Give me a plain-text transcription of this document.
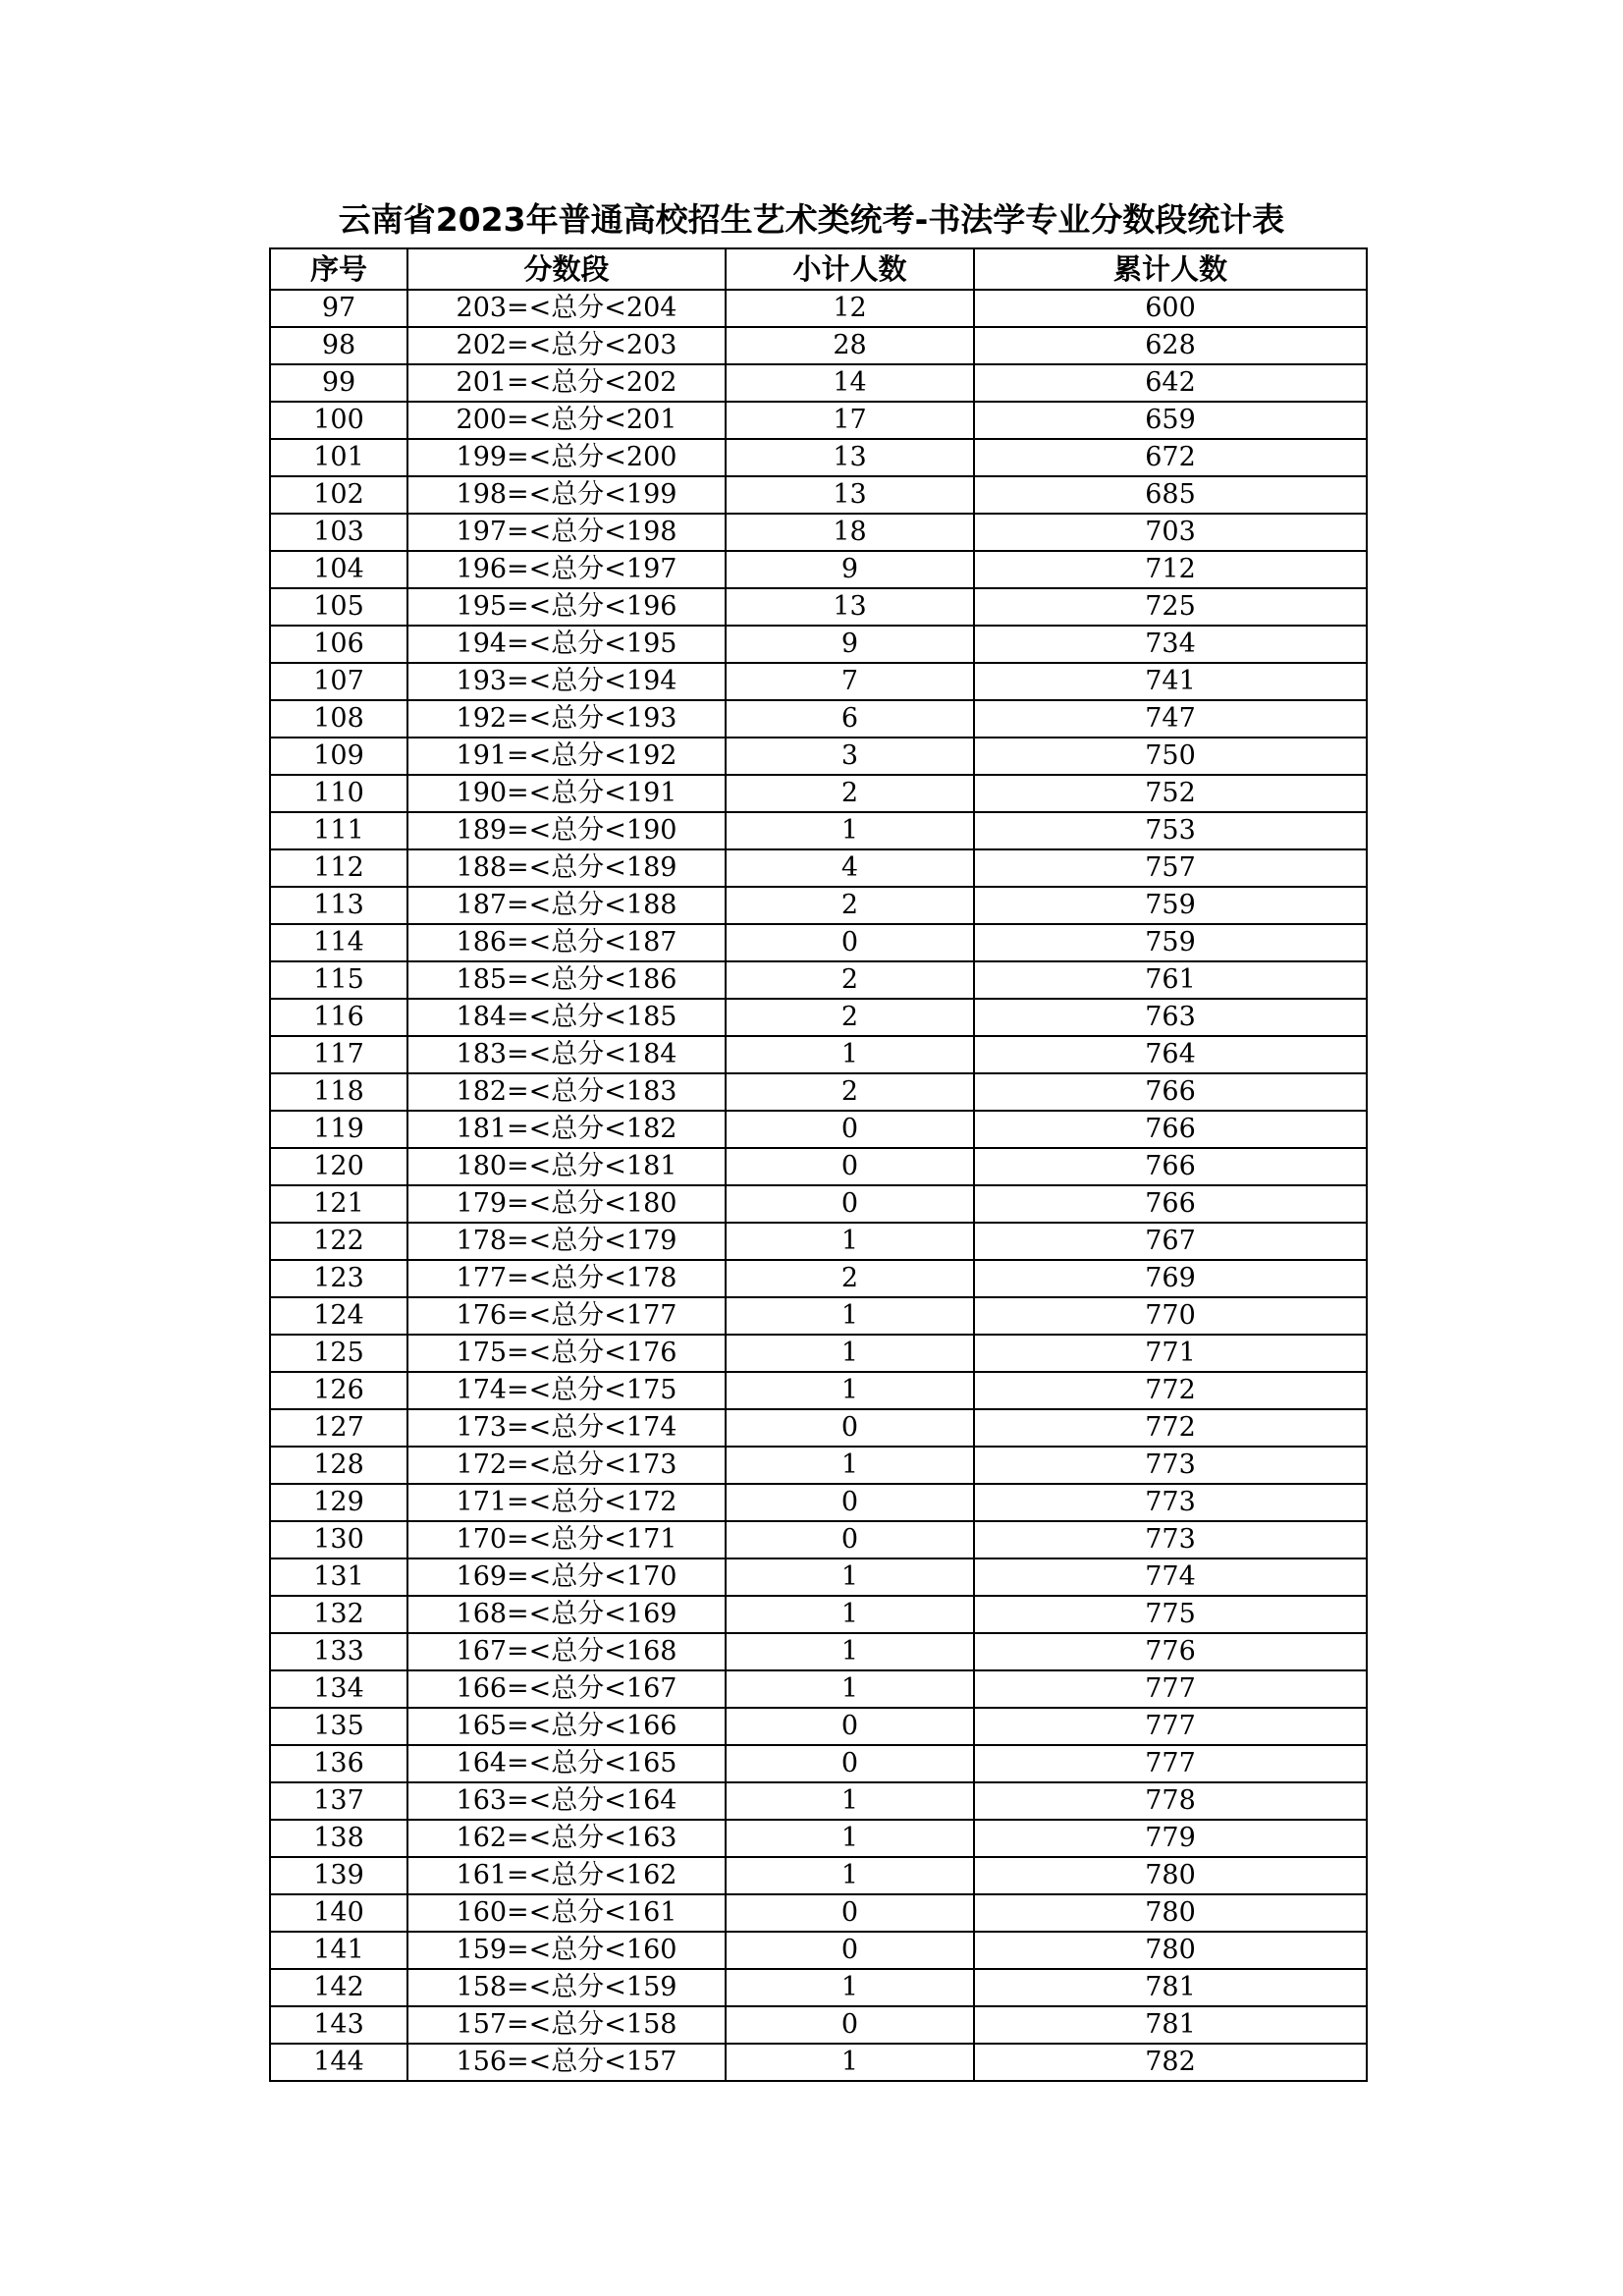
云南省2023年普通高校招生艺术类统考-书法学专业分数段统计表
序号	分数段	小计人数	累计人数
97	203=<总分<204	12	600
98	202=<总分<203	28	628
99	201=<总分<202	14	642
100	200=<总分<201	17	659
101	199=<总分<200	13	672
102	198=<总分<199	13	685
103	197=<总分<198	18	703
104	196=<总分<197	9	712
105	195=<总分<196	13	725
106	194=<总分<195	9	734
107	193=<总分<194	7	741
108	192=<总分<193	6	747
109	191=<总分<192	3	750
110	190=<总分<191	2	752
111	189=<总分<190	1	753
112	188=<总分<189	4	757
113	187=<总分<188	2	759
114	186=<总分<187	0	759
115	185=<总分<186	2	761
116	184=<总分<185	2	763
117	183=<总分<184	1	764
118	182=<总分<183	2	766
119	181=<总分<182	0	766
120	180=<总分<181	0	766
121	179=<总分<180	0	766
122	178=<总分<179	1	767
123	177=<总分<178	2	769
124	176=<总分<177	1	770
125	175=<总分<176	1	771
126	174=<总分<175	1	772
127	173=<总分<174	0	772
128	172=<总分<173	1	773
129	171=<总分<172	0	773
130	170=<总分<171	0	773
131	169=<总分<170	1	774
132	168=<总分<169	1	775
133	167=<总分<168	1	776
134	166=<总分<167	1	777
135	165=<总分<166	0	777
136	164=<总分<165	0	777
137	163=<总分<164	1	778
138	162=<总分<163	1	779
139	161=<总分<162	1	780
140	160=<总分<161	0	780
141	159=<总分<160	0	780
142	158=<总分<159	1	781
143	157=<总分<158	0	781
144	156=<总分<157	1	782
